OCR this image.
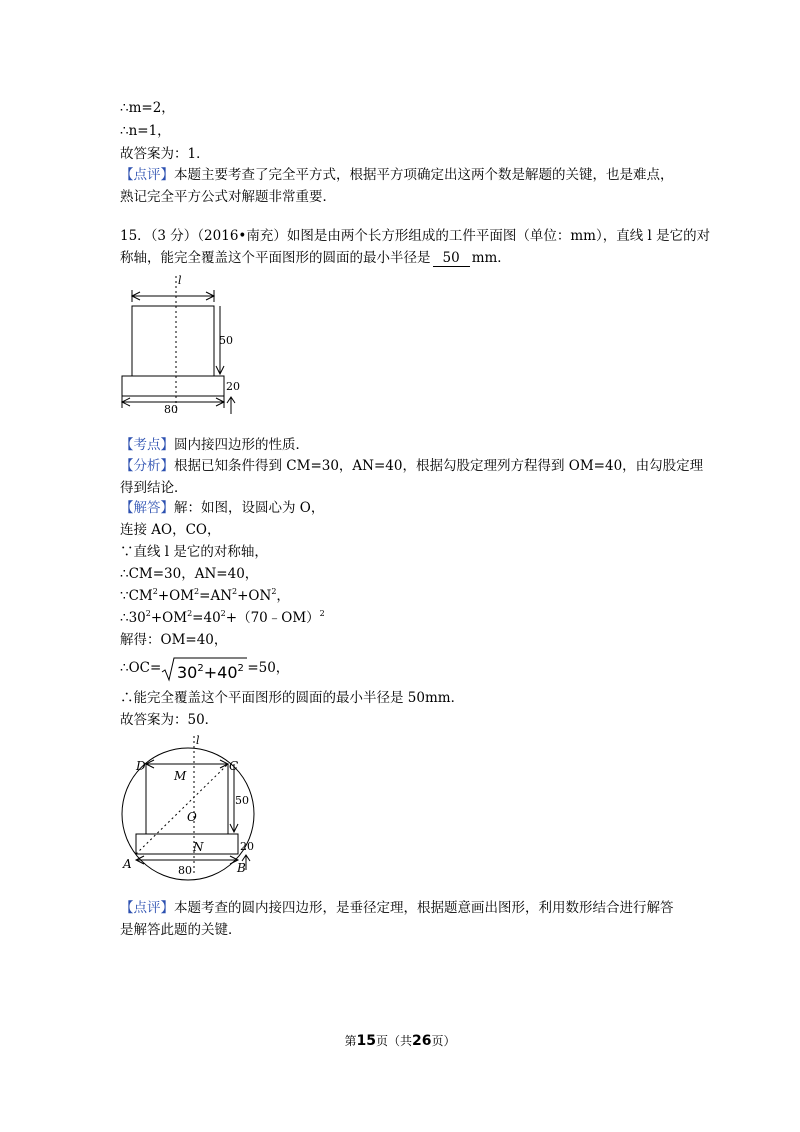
∴m=2，
∴n=1，
故答案为：1．
【点评】本题主要考查了完全平方式，根据平方项确定出这两个数是解题的关键，也是难点，
熟记完全平方公式对解题非常重要．
15．（3 分）（2016•南充）如图是由两个长方形组成的工件平面图（单位：mm），直线 l 是它的对
称轴，能完全覆盖这个平面图形的圆面的最小半径是 50 mm．
l
50
20
80
【考点】圆内接四边形的性质．
【分析】根据已知条件得到 CM=30，AN=40，根据勾股定理列方程得到 OM=40，由勾股定理
得到结论．
【解答】解：如图，设圆心为 O，
连接 AO，CO，
∵直线 l 是它的对称轴，
∴CM=30，AN=40，
$\because CM^2+OM^2=AN^2+ON^2$，
$\therefore 30^2+OM^2=40^2+(70﹣OM)^2$
解得：OM=40，
∴OC= $30^2+40^2 =50$，
∴能完全覆盖这个平面图形的圆面的最小半径是 50mm．
故答案为：50．
l
D	C
M
O
N
A	B
50
20
80
【点评】本题考查的圆内接四边形，是垂径定理，根据题意画出图形，利用数形结合进行解答
是解答此题的关键．
第15页（共26页）
